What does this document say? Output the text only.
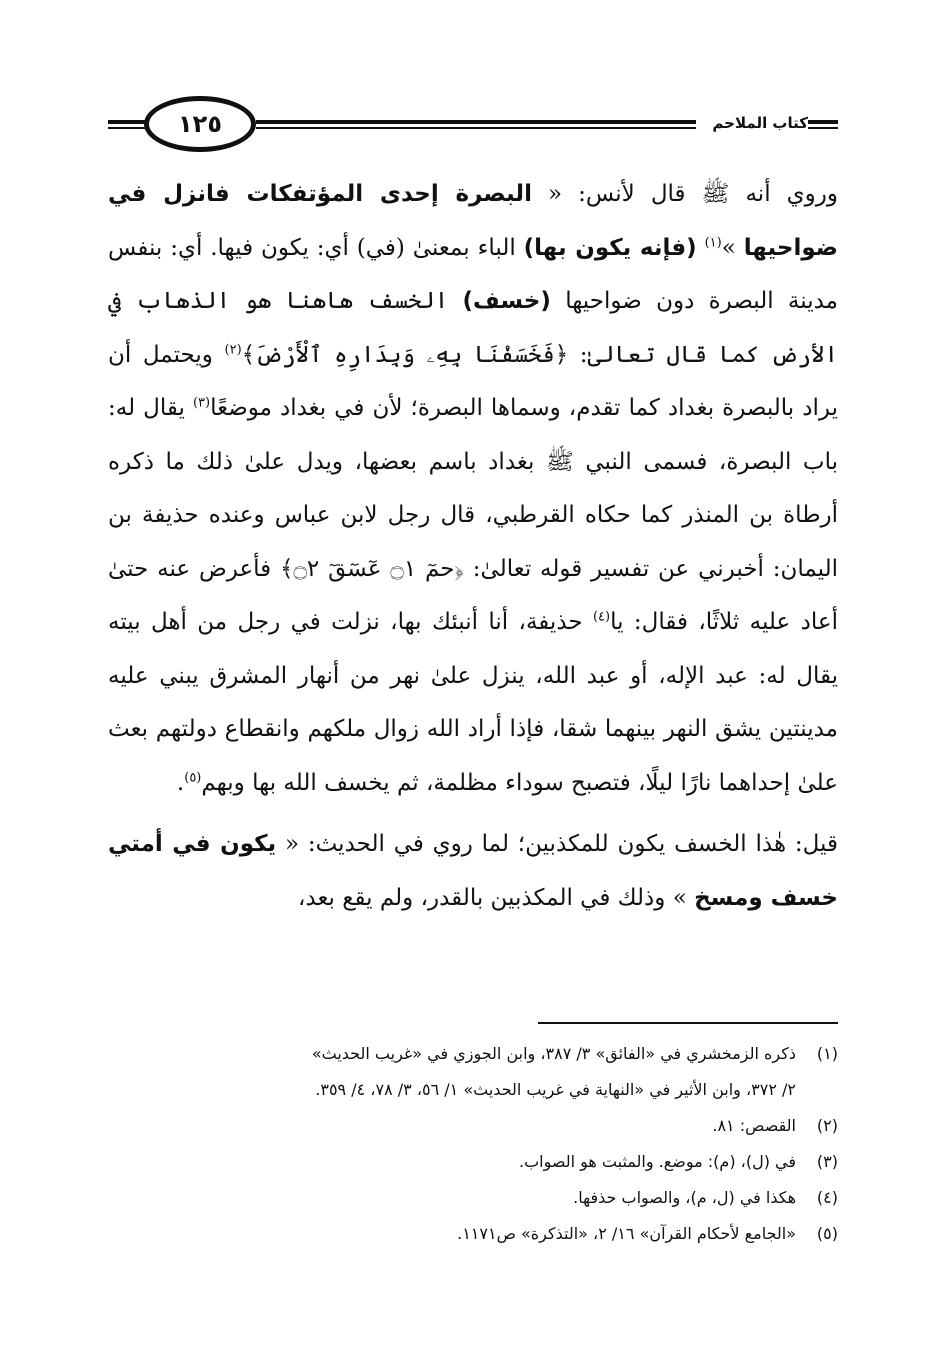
١٢٥	كتاب الملاحم

وروي أنه ﷺ قال لأنس: « البصرة إحدى المؤتفكات فانزل في ضواحيها »$^{(١)}$ (فإنه يكون بها) الباء بمعنىٰ (في) أي: يكون فيها. أي: بنفس مدينة البصرة دون ضواحيها (خسف) الخسف هاهنا هو الذهاب في الأرض كما قال تعالىٰ: ﴿فَخَسَفْنَا بِهِۦ وَبِدَارِهِ ٱلْأَرْضَ﴾$^{(٢)}$ ويحتمل أن يراد بالبصرة بغداد كما تقدم، وسماها البصرة؛ لأن في بغداد موضعًا$^{(٣)}$ يقال له: باب البصرة، فسمى النبي ﷺ بغداد باسم بعضها، ويدل علىٰ ذلك ما ذكره أرطاة بن المنذر كما حكاه القرطبي، قال رجل لابن عباس وعنده حذيفة بن اليمان: أخبرني عن تفسير قوله تعالىٰ: ﴿حمٓ ۝١ عٓسٓقٓ ۝٢﴾ فأعرض عنه حتىٰ أعاد عليه ثلاثًا، فقال: يا$^{(٤)}$ حذيفة، أنا أنبئك بها، نزلت في رجل من أهل بيته يقال له: عبد الإله، أو عبد الله، ينزل علىٰ نهر من أنهار المشرق يبني عليه مدينتين يشق النهر بينهما شقا، فإذا أراد الله زوال ملكهم وانقطاع دولتهم بعث علىٰ إحداهما نارًا ليلًا، فتصبح سوداء مظلمة، ثم يخسف الله بها وبهم$^{(٥)}$.

قيل: هٰذا الخسف يكون للمكذبين؛ لما روي في الحديث: « يكون في أمتي خسف ومسخ » وذلك في المكذبين بالقدر، ولم يقع بعد،

(١)
ذكره الزمخشري في «الفائق» ٣/ ٣٨٧، وابن الجوزي في «غريب الحديث»
٢/ ٣٧٢، وابن الأثير في «النهاية في غريب الحديث» ١/ ٥٦، ٣/ ٧٨، ٤/ ٣٥٩.
(٢)
القصص: ٨١.
(٣)
في (ل)، (م): موضع. والمثبت هو الصواب.
(٤)
هكذا في (ل، م)، والصواب حذفها.
(٥)
«الجامع لأحكام القرآن» ١٦/ ٢، «التذكرة» ص١١٧١.
